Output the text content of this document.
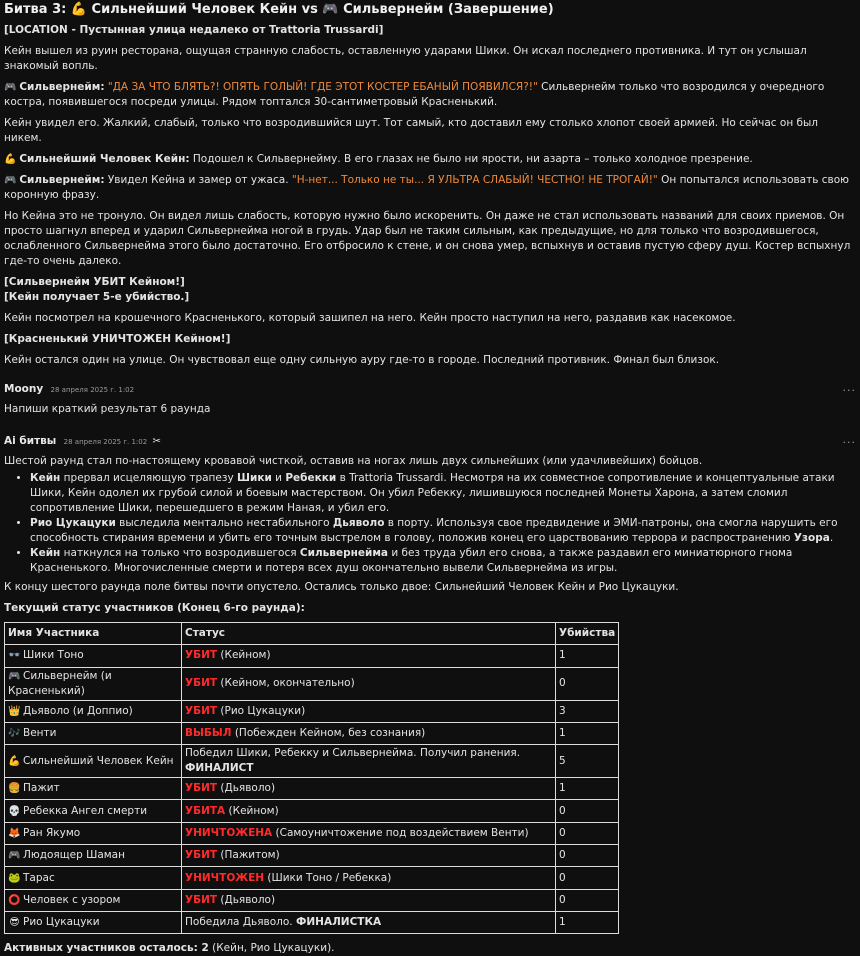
Битва 3: 💪 Сильнейший Человек Кейн vs 🎮 Сильвернейм (Завершение)

[LOCATION - Пустынная улица недалеко от Trattoria Trussardi]

Кейн вышел из руин ресторана, ощущая странную слабость, оставленную ударами Шики. Он искал последнего противника. И тут он услышал знакомый вопль.

🎮 Сильвернейм: "ДА ЗА ЧТО БЛЯТЬ?! ОПЯТЬ ГОЛЫЙ! ГДЕ ЭТОТ КОСТЕР ЕБАНЫЙ ПОЯВИЛСЯ?!" Сильвернейм только что возродился у очередного костра, появившегося посреди улицы. Рядом топтался 30-сантиметровый Красненький.

Кейн увидел его. Жалкий, слабый, только что возродившийся шут. Тот самый, кто доставил ему столько хлопот своей армией. Но сейчас он был никем.

💪 Сильнейший Человек Кейн: Подошел к Сильвернейму. В его глазах не было ни ярости, ни азарта – только холодное презрение.

🎮 Сильвернейм: Увидел Кейна и замер от ужаса. "Н-нет... Только не ты... Я УЛЬТРА СЛАБЫЙ! ЧЕСТНО! НЕ ТРОГАЙ!" Он попытался использовать свою коронную фразу.

Но Кейна это не тронуло. Он видел лишь слабость, которую нужно было искоренить. Он даже не стал использовать названий для своих приемов. Он просто шагнул вперед и ударил Сильвернейма ногой в грудь. Удар был не таким сильным, как предыдущие, но для только что возродившегося, ослабленного Сильвернейма этого было достаточно. Его отбросило к стене, и он снова умер, вспыхнув и оставив пустую сферу душ. Костер вспыхнул где-то очень далеко.

[Сильвернейм УБИТ Кейном!]

[Кейн получает 5-е убийство.]

Кейн посмотрел на крошечного Красненького, который зашипел на него. Кейн просто наступил на него, раздавив как насекомое.

[Красненький УНИЧТОЖЕН Кейном!]

Кейн остался один на улице. Он чувствовал еще одну сильную ауру где-то в городе. Последний противник. Финал был близок.

Moony 28 апреля 2025 г. 1:02	···

Напиши краткий результат 6 раунда

Ai битвы 28 апреля 2025 г. 1:02 ✂	···

Шестой раунд стал по-настоящему кровавой чисткой, оставив на ногах лишь двух сильнейших (или удачливейших) бойцов.

• Кейн прервал исцеляющую трапезу Шики и Ребекки в Trattoria Trussardi. Несмотря на их совместное сопротивление и концептуальные атаки Шики, Кейн одолел их грубой силой и боевым мастерством. Он убил Ребекку, лишившуюся последней Монеты Харона, а затем сломил сопротивление Шики, перешедшего в режим Наная, и убил его.
• Рио Цукацуки выследила ментально нестабильного Дьяволо в порту. Используя свое предвидение и ЭМИ-патроны, она смогла нарушить его способность стирания времени и убить его точным выстрелом в голову, положив конец его царствованию террора и распространению Узора.
• Кейн наткнулся на только что возродившегося Сильвернейма и без труда убил его снова, а также раздавил его миниатюрного гнома Красненького. Многочисленные смерти и потеря всех душ окончательно вывели Сильвернейма из игры.

К концу шестого раунда поле битвы почти опустело. Остались только двое: Сильнейший Человек Кейн и Рио Цукацуки.

Текущий статус участников (Конец 6-го раунда):

Имя Участника	Статус	Убийства
👓 Шики Тоно	УБИТ (Кейном)	1
🎮 Сильвернейм (и Красненький)	УБИТ (Кейном, окончательно)	0
👑 Дьяволо (и Доппио)	УБИТ (Рио Цукацуки)	3
🎶 Венти	ВЫБЫЛ (Побежден Кейном, без сознания)	1
💪 Сильнейший Человек Кейн	Победил Шики, Ребекку и Сильвернейма. Получил ранения. ФИНАЛИСТ	5
🍔 Пажит	УБИТ (Дьяволо)	1
💀 Ребекка Ангел смерти	УБИТА (Кейном)	0
🦊 Ран Якумо	УНИЧТОЖЕНА (Самоуничтожение под воздействием Венти)	0
🎮 Людоящер Шаман	УБИТ (Пажитом)	0
🐸 Тарас	УНИЧТОЖЕН (Шики Тоно / Ребекка)	0
⭕ Человек с узором	УБИТ (Дьяволо)	0
😎 Рио Цукацуки	Победила Дьяволо. ФИНАЛИСТКА	1

Активных участников осталось: 2 (Кейн, Рио Цукацуки).
